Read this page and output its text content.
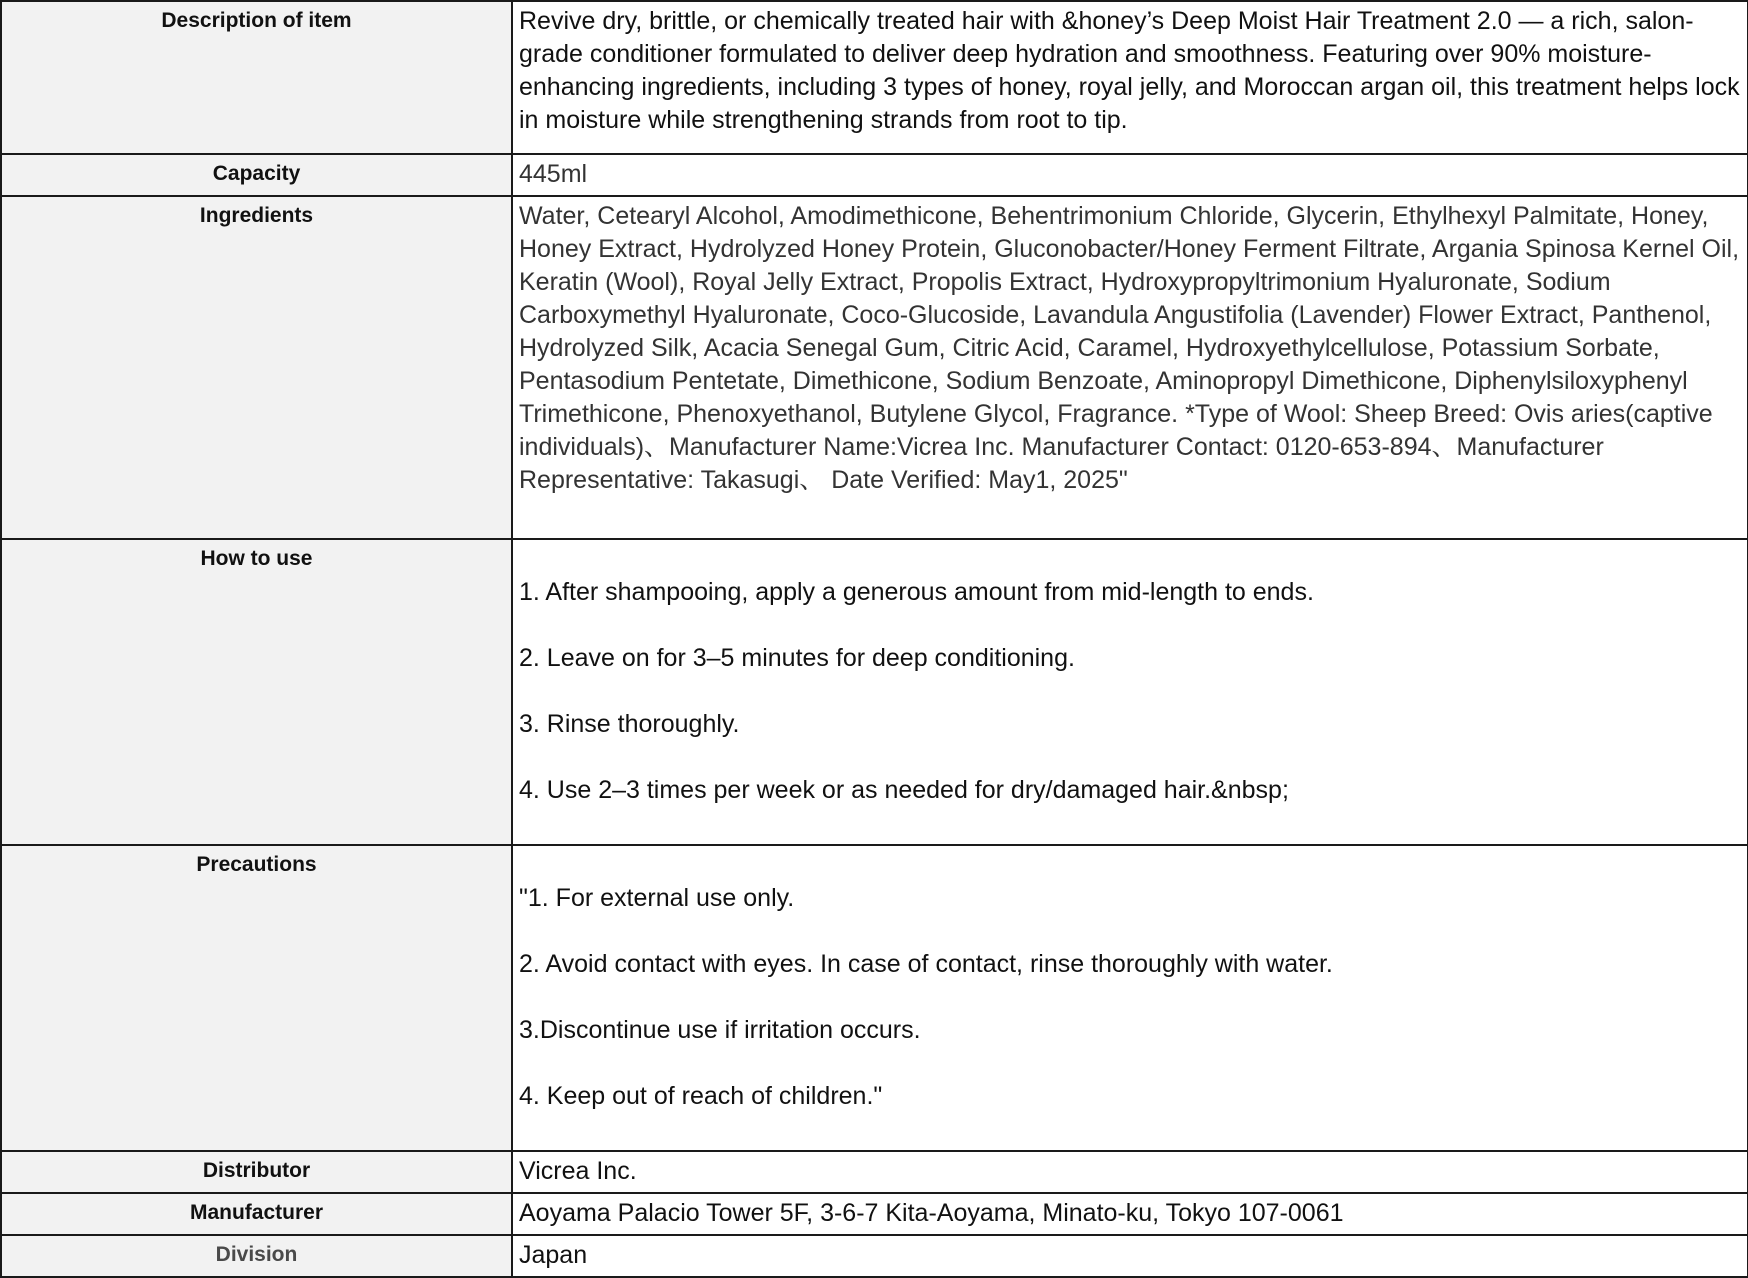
Description of item	Revive dry, brittle, or chemically treated hair with &honey’s Deep Moist Hair Treatment 2.0 — a rich, salon-grade conditioner formulated to deliver deep hydration and smoothness. Featuring over 90% moisture-enhancing ingredients, including 3 types of honey, royal jelly, and Moroccan argan oil, this treatment helps lock in moisture while strengthening strands from root to tip.
Capacity	445ml
Ingredients	Water, Cetearyl Alcohol, Amodimethicone, Behentrimonium Chloride, Glycerin, Ethylhexyl Palmitate, Honey, Honey Extract, Hydrolyzed Honey Protein, Gluconobacter/Honey Ferment Filtrate, Argania Spinosa Kernel Oil, Keratin (Wool), Royal Jelly Extract, Propolis Extract, Hydroxypropyltrimonium Hyaluronate, Sodium Carboxymethyl Hyaluronate, Coco-Glucoside, Lavandula Angustifolia (Lavender) Flower Extract, Panthenol, Hydrolyzed Silk, Acacia Senegal Gum, Citric Acid, Caramel, Hydroxyethylcellulose, Potassium Sorbate, Pentasodium Pentetate, Dimethicone, Sodium Benzoate, Aminopropyl Dimethicone, Diphenylsiloxyphenyl Trimethicone, Phenoxyethanol, Butylene Glycol, Fragrance. *Type of Wool: Sheep Breed: Ovis aries(captive individuals)、Manufacturer Name:Vicrea Inc. Manufacturer Contact: 0120-653-894、Manufacturer Representative: Takasugi、 Date Verified: May1, 2025"
How to use	1. After shampooing, apply a generous amount from mid-length to ends.

2. Leave on for 3–5 minutes for deep conditioning.

3. Rinse thoroughly.

4. Use 2–3 times per week or as needed for dry/damaged hair.&nbsp;

Precautions	"1. For external use only.

2. Avoid contact with eyes. In case of contact, rinse thoroughly with water.

3.Discontinue use if irritation occurs.

4. Keep out of reach of children."

Distributor	Vicrea Inc.
Manufacturer	Aoyama Palacio Tower 5F, 3-6-7 Kita-Aoyama, Minato-ku, Tokyo 107-0061
Division	Japan
